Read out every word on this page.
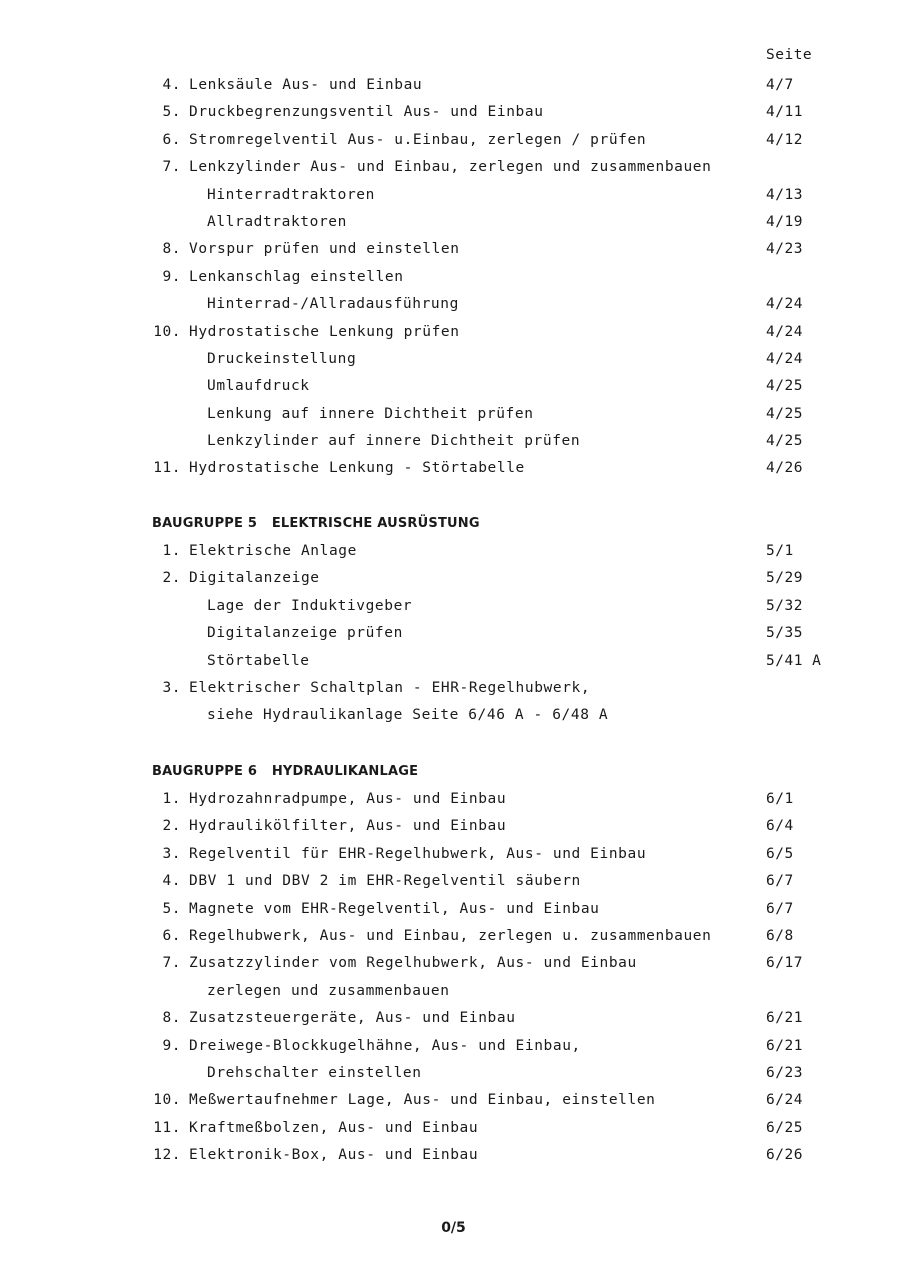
Seite
4. Lenksäule Aus- und Einbau	4/7
5. Druckbegrenzungsventil Aus- und Einbau	4/11
6. Stromregelventil Aus- u.Einbau, zerlegen / prüfen	4/12
7. Lenkzylinder Aus- und Einbau, zerlegen und zusammenbauen
Hinterradtraktoren	4/13
Allradtraktoren	4/19
8. Vorspur prüfen und einstellen	4/23
9. Lenkanschlag einstellen
Hinterrad-/Allradausführung	4/24
10. Hydrostatische Lenkung prüfen	4/24
Druckeinstellung	4/24
Umlaufdruck	4/25
Lenkung auf innere Dichtheit prüfen	4/25
Lenkzylinder auf innere Dichtheit prüfen	4/25
11. Hydrostatische Lenkung - Störtabelle	4/26
BAUGRUPPE 5 ELEKTRISCHE AUSRÜSTUNG
1. Elektrische Anlage	5/1
2. Digitalanzeige	5/29
Lage der Induktivgeber	5/32
Digitalanzeige prüfen	5/35
Störtabelle	5/41 A
3. Elektrischer Schaltplan - EHR-Regelhubwerk,
siehe Hydraulikanlage Seite 6/46 A - 6/48 A
BAUGRUPPE 6 HYDRAULIKANLAGE
1. Hydrozahnradpumpe, Aus- und Einbau	6/1
2. Hydraulikölfilter, Aus- und Einbau	6/4
3. Regelventil für EHR-Regelhubwerk, Aus- und Einbau	6/5
4. DBV 1 und DBV 2 im EHR-Regelventil säubern	6/7
5. Magnete vom EHR-Regelventil, Aus- und Einbau	6/7
6. Regelhubwerk, Aus- und Einbau, zerlegen u. zusammenbauen	6/8
7. Zusatzzylinder vom Regelhubwerk, Aus- und Einbau	6/17
zerlegen und zusammenbauen
8. Zusatzsteuergeräte, Aus- und Einbau	6/21
9. Dreiwege-Blockkugelhähne, Aus- und Einbau,	6/21
Drehschalter einstellen	6/23
10. Meßwertaufnehmer Lage, Aus- und Einbau, einstellen	6/24
11. Kraftmeßbolzen, Aus- und Einbau	6/25
12. Elektronik-Box, Aus- und Einbau	6/26
0/5
